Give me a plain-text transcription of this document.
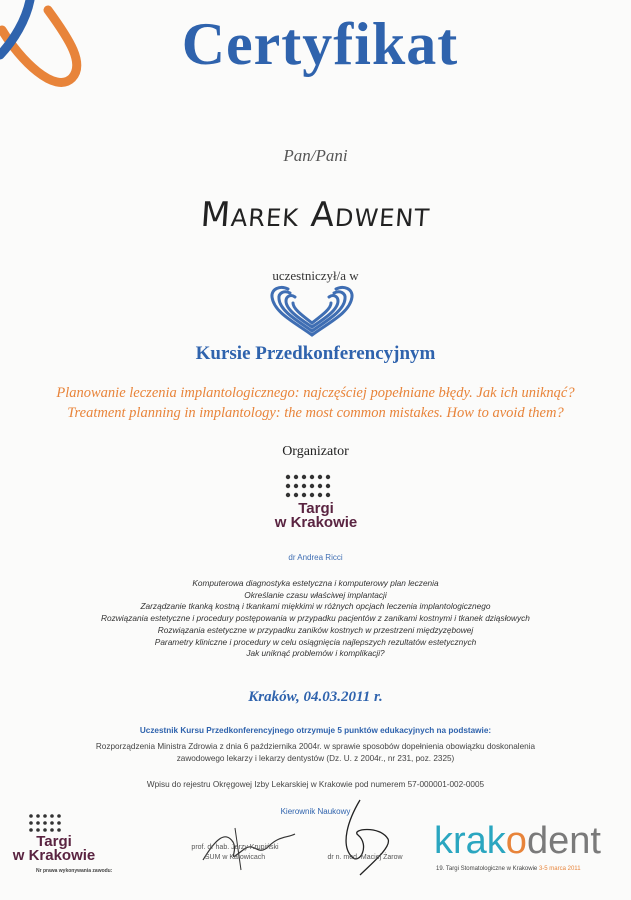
Certyfikat
Pan/Pani
Marek Adwent
uczestniczył/a w
Kursie Przedkonferencyjnym
Planowanie leczenia implantologicznego: najczęściej popełniane błędy. Jak ich uniknąć?
Treatment planning in implantology: the most common mistakes. How to avoid them?
Organizator
Targi
w Krakowie
dr Andrea Ricci
Komputerowa diagnostyka estetyczna i komputerowy plan leczenia
Określanie czasu właściwej implantacji
Zarządzanie tkanką kostną i tkankami miękkimi w różnych opcjach leczenia implantologicznego
Rozwiązania estetyczne i procedury postępowania w przypadku pacjentów z zanikami kostnymi i tkanek dziąsłowych
Rozwiązania estetyczne w przypadku zaników kostnych w przestrzeni międzyzębowej
Parametry kliniczne i procedury w celu osiągnięcia najlepszych rezultatów estetycznych
Jak uniknąć problemów i komplikacji?
Kraków, 04.03.2011 r.
Uczestnik Kursu Przedkonferencyjnego otrzymuje 5 punktów edukacyjnych na podstawie:
Rozporządzenia Ministra Zdrowia z dnia 6 października 2004r. w sprawie sposobów dopełnienia obowiązku doskonalenia
zawodowego lekarzy i lekarzy dentystów (Dz. U. z 2004r., nr 231, poz. 2325)
Wpisu do rejestru Okręgowej Izby Lekarskiej w Krakowie pod numerem 57-000001-002-0005
Kierownik Naukowy
prof. dr hab. Jerzy Krupiński
SUM w Katowicach	dr n. med. Maciej Żarow
Targi
w Krakowie
Nr prawa wykonywania zawodu:
krakodent
19. Targi Stomatologiczne w Krakowie 3-5 marca 2011
